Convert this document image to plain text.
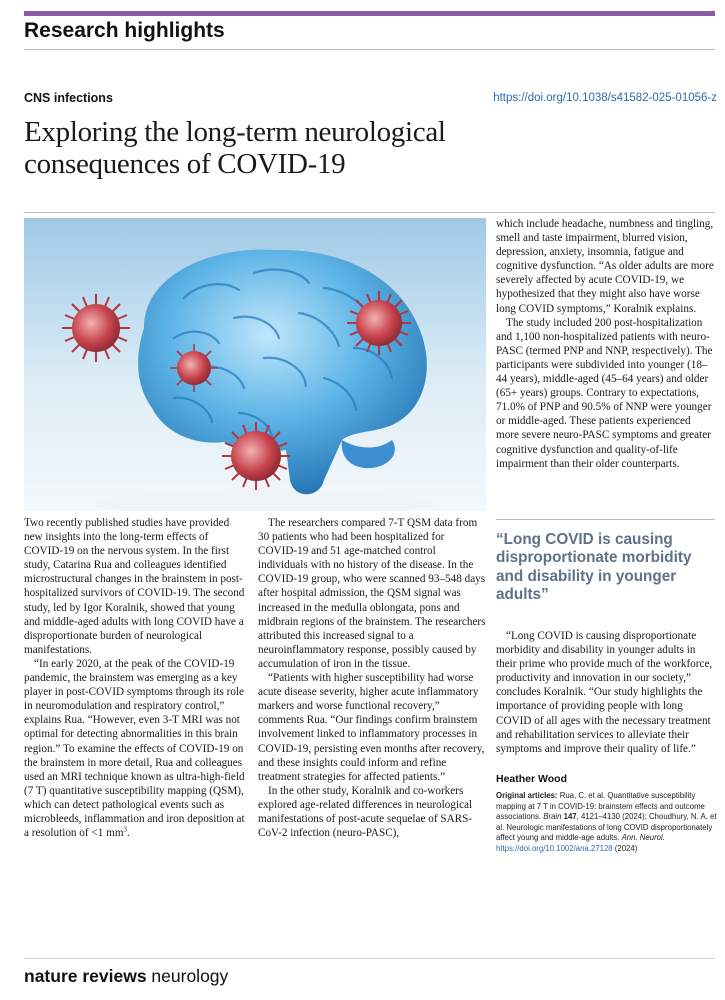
Research highlights
CNS infections	https://doi.org/10.1038/s41582-025-01056-z
Exploring the long-term neurological
consequences of COVID-19

Two recently published studies have provided new insights into the long-term effects of COVID-19 on the nervous system. In the first study, Catarina Rua and colleagues identified microstructural changes in the brainstem in post-hospitalized survivors of COVID-19. The second study, led by Igor Koralnik, showed that young and middle-aged adults with long COVID have a disproportionate burden of neurological manifestations.

“In early 2020, at the peak of the COVID-19 pandemic, the brainstem was emerging as a key player in post-COVID symptoms through its role in neuromodulation and respiratory control,” explains Rua. “However, even 3-T MRI was not optimal for detecting abnormalities in this brain region.” To examine the effects of COVID-19 on the brainstem in more detail, Rua and colleagues used an MRI technique known as ultra-high-field (7 T) quantitative susceptibility mapping (QSM), which can detect pathological events such as microbleeds, inflammation and iron deposition at a resolution of <1 $mm^3$.

The researchers compared 7-T QSM data from 30 patients who had been hospitalized for COVID-19 and 51 age-matched control individuals with no history of the disease. In the COVID-19 group, who were scanned 93–548 days after hospital admission, the QSM signal was increased in the medulla oblongata, pons and midbrain regions of the brainstem. The researchers attributed this increased signal to a neuroinflammatory response, possibly caused by accumulation of iron in the tissue.

“Patients with higher susceptibility had worse acute disease severity, higher acute inflammatory markers and worse functional recovery,” comments Rua. “Our findings confirm brainstem involvement linked to inflammatory processes in COVID-19, persisting even months after recovery, and these insights could inform and refine treatment strategies for affected patients.”

In the other study, Koralnik and co-workers explored age-related differences in neurological manifestations of post-acute sequelae of SARS-CoV-2 infection (neuro-PASC),

which include headache, numbness and tingling, smell and taste impairment, blurred vision, depression, anxiety, insomnia, fatigue and cognitive dysfunction. “As older adults are more severely affected by acute COVID-19, we hypothesized that they might also have worse long COVID symptoms,” Koralnik explains.

The study included 200 post-hospitalization and 1,100 non-hospitalized patients with neuro-PASC (termed PNP and NNP, respectively). The participants were subdivided into younger (18–44 years), middle-aged (45–64 years) and older (65+ years) groups. Contrary to expectations, 71.0% of PNP and 90.5% of NNP were younger or middle-aged. These patients experienced more severe neuro-PASC symptoms and greater cognitive dysfunction and quality-of-life impairment than their older counterparts.

“Long COVID is causing disproportionate morbidity and disability in younger adults”

“Long COVID is causing disproportionate morbidity and disability in younger adults in their prime who provide much of the workforce, productivity and innovation in our society,” concludes Koralnik. “Our study highlights the importance of providing people with long COVID of all ages with the necessary treatment and rehabilitation services to alleviate their symptoms and improve their quality of life.”

Heather Wood
Original articles: Rua, C. et al. Quantitative susceptibility mapping at 7 T in COVID-19: brainstem effects and outcome associations. Brain 147, 4121–4130 (2024); Choudhury, N. A. et al. Neurologic manifestations of long COVID disproportionately affect young and middle-age adults. Ann. Neurol. https://doi.org/10.1002/ana.27128 (2024)
nature reviews neurology
